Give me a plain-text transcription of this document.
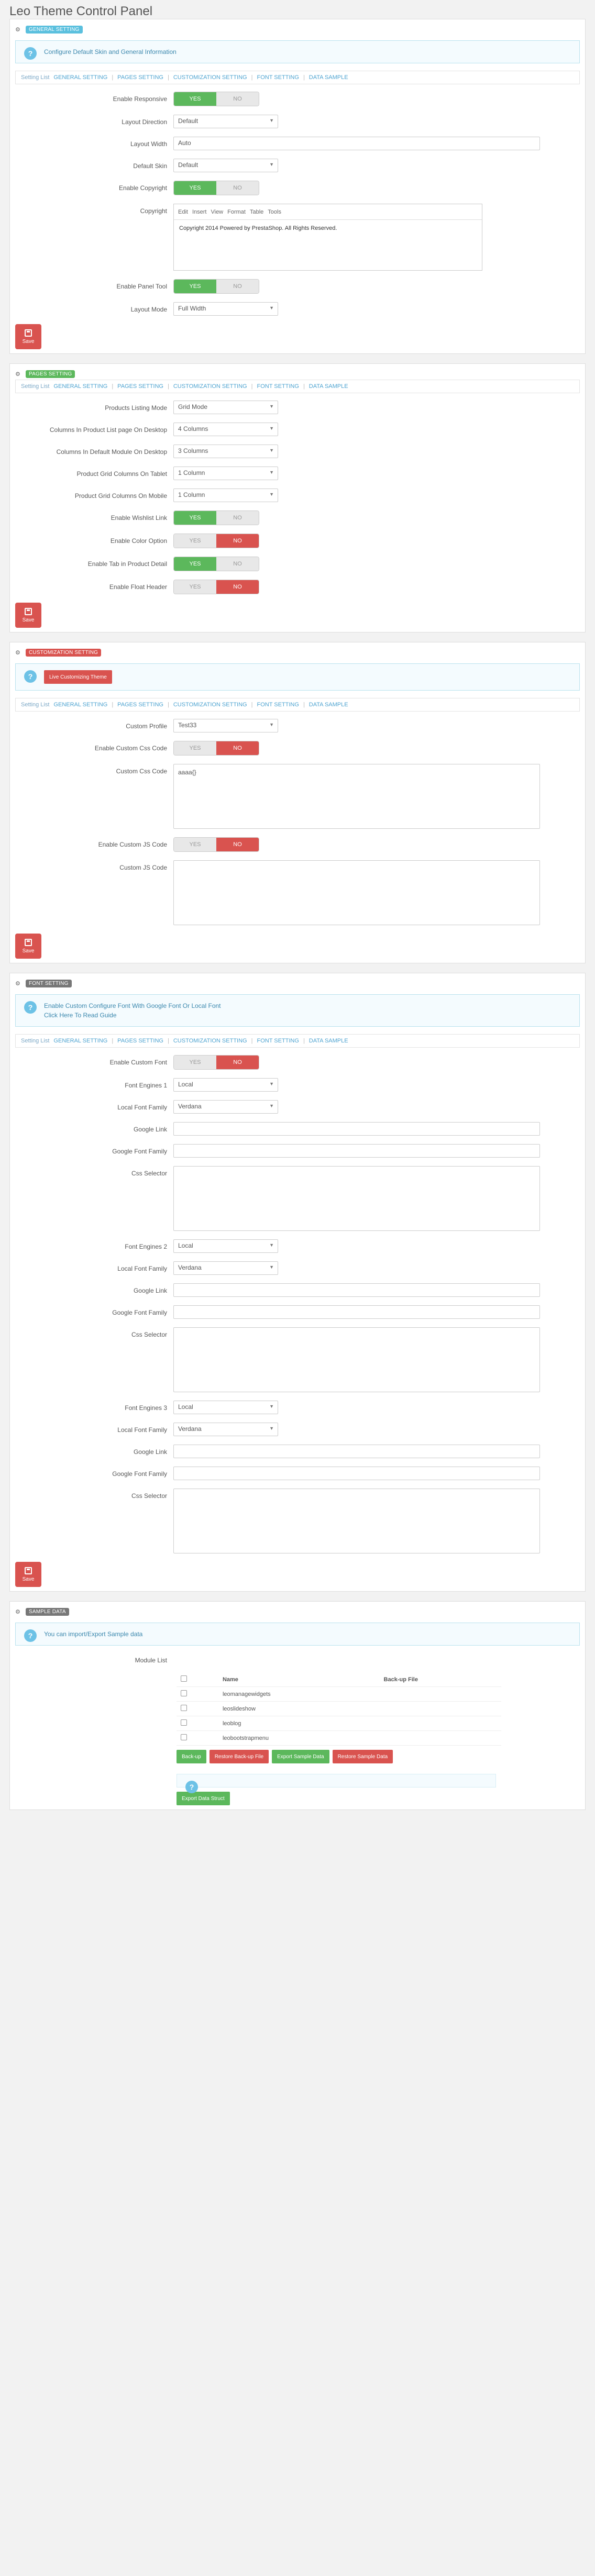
Leo Theme Control Panel
⚙	GENERAL SETTING
?	Configure Default Skin and General Information
Setting List GENERAL SETTING | PAGES SETTING | CUSTOMIZATION SETTING | FONT SETTING | DATA SAMPLE
Enable Responsive	YES	NO
Layout Direction	Default ▼
Layout Width	Auto
Default Skin	Default ▼
Enable Copyright	YES	NO
Copyright Edit Insert View Format Table Tools
Copyright 2014 Powered by PrestaShop. All Rights Reserved.
Enable Panel Tool	YES	NO
Layout Mode	Full Width ▼
Save
⚙	PAGES SETTING
Setting List GENERAL SETTING | PAGES SETTING | CUSTOMIZATION SETTING | FONT SETTING | DATA SAMPLE
Products Listing Mode	Grid Mode ▼
Columns In Product List page On Desktop	4 Columns ▼
Columns In Default Module On Desktop	3 Columns ▼
Product Grid Columns On Tablet	1 Column ▼
Product Grid Columns On Mobile	1 Column ▼
Enable Wishlist Link	YES	NO
Enable Color Option	YES	NO
Enable Tab in Product Detail	YES	NO
Enable Float Header	YES	NO
Save
⚙	CUSTOMIZATION SETTING
?	Live Customizing Theme
Setting List GENERAL SETTING | PAGES SETTING | CUSTOMIZATION SETTING | FONT SETTING | DATA SAMPLE
Custom Profile	Test33 ▼
Enable Custom Css Code	YES	NO
Custom Css Code	aaaa{}
Enable Custom JS Code	YES	NO
Custom JS Code
Save
⚙	FONT SETTING
?	Enable Custom Configure Font With Google Font Or Local Font
Click Here To Read Guide
Setting List GENERAL SETTING | PAGES SETTING | CUSTOMIZATION SETTING | FONT SETTING | DATA SAMPLE
Enable Custom Font	YES	NO
Font Engines 1	Local ▼
Local Font Family	Verdana ▼
Google Link
Google Font Family
Css Selector
Font Engines 2	Local ▼
Local Font Family	Verdana ▼
Google Link
Google Font Family
Css Selector
Font Engines 3	Local ▼
Local Font Family	Verdana ▼
Google Link
Google Font Family
Css Selector
Save
⚙	SAMPLE DATA
?	You can import/Export Sample data
Module List
	Name	Back-up File
	leomanagewidgets	
	leoslideshow	
	leoblog	
	leobootstrapmenu	
Back-up	Restore Back-up File	Export Sample Data	Restore Sample Data
?
Export Data Struct
